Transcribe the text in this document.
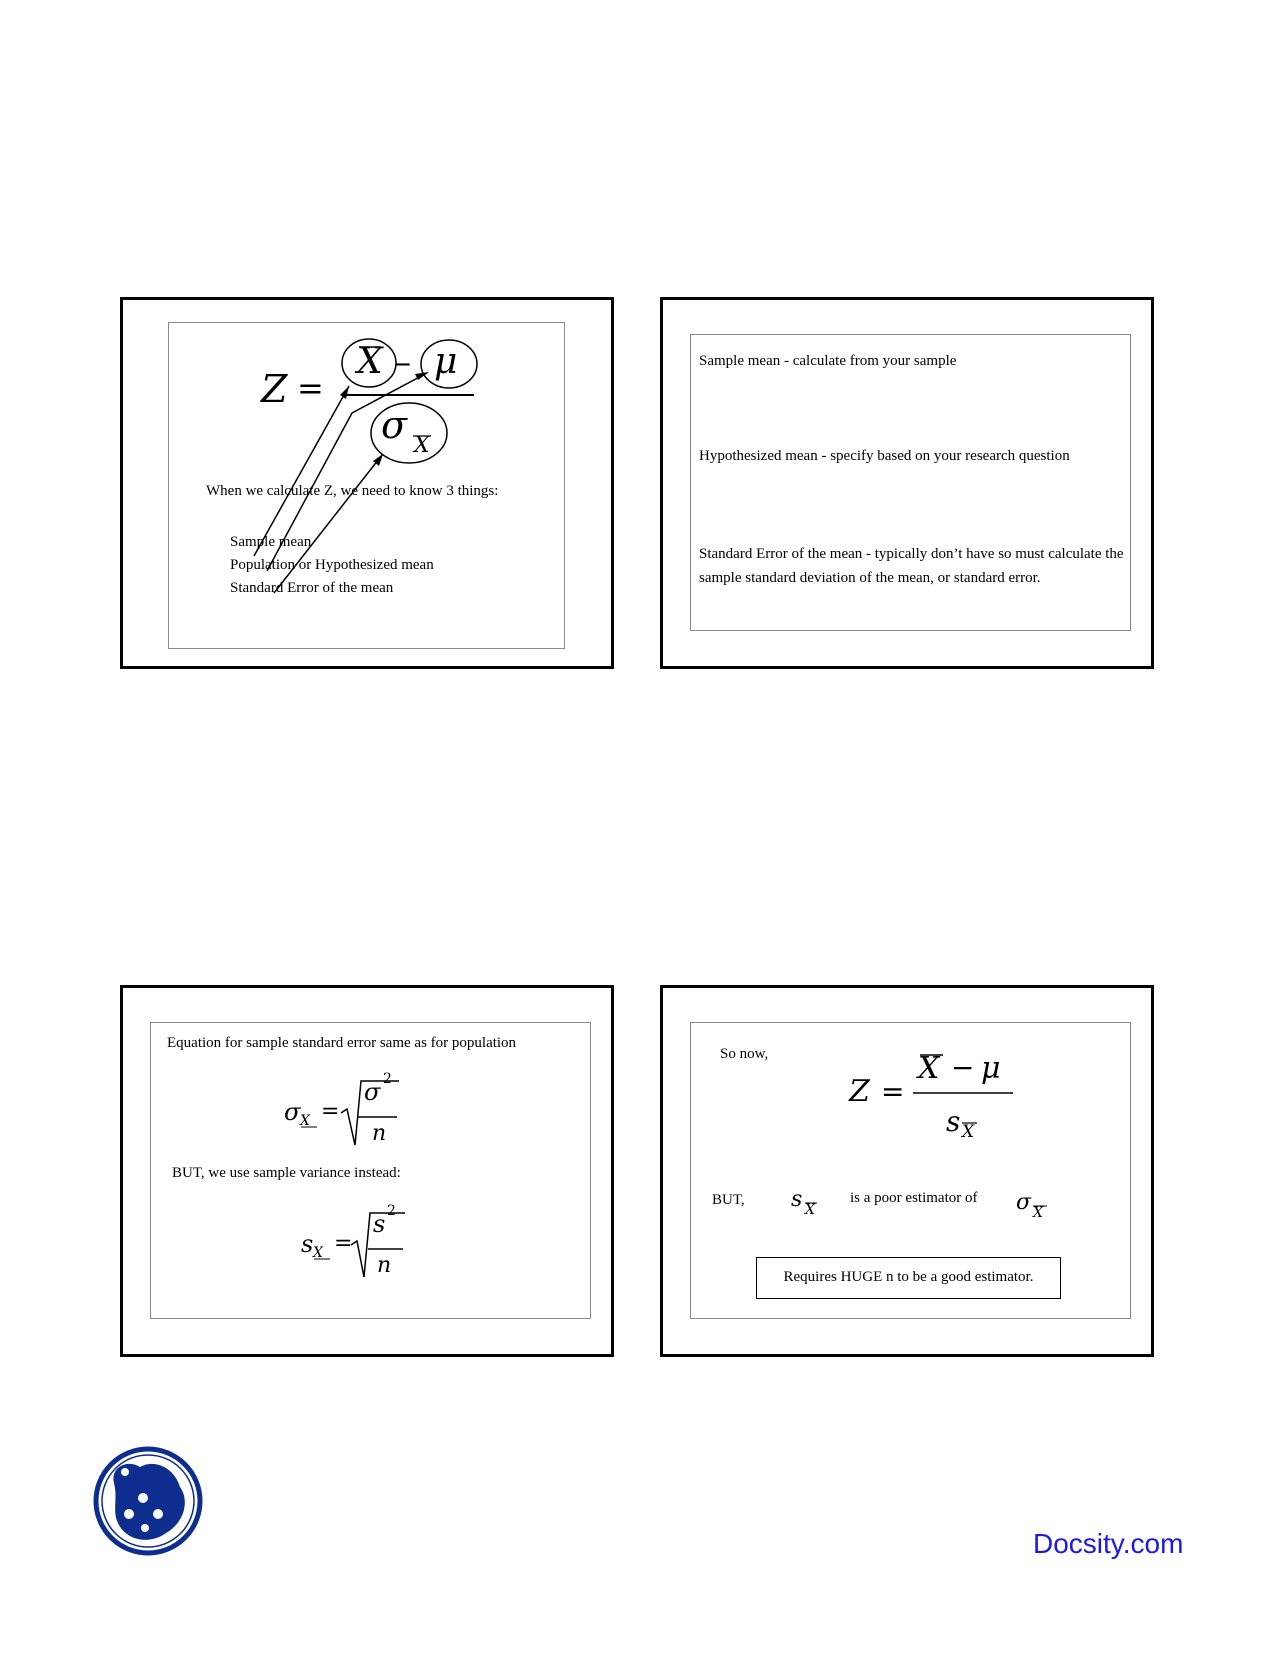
Z =
X – μ
σ X
When we calculate Z, we need to know 3 things:
Sample mean
Population or Hypothesized mean
Standard Error of the mean
Sample mean - calculate from your sample
Hypothesized mean - specify based on your research question
Standard Error of the mean - typically don’t have so must calculate the sample standard deviation of the mean, or standard error.
Equation for sample standard error same as for population
σ X =
σ 2
n
BUT, we use sample variance instead:
s X =
s 2
n
So now,
Z =
X − μ
s X
BUT, s X
is a poor estimator of σ X
Requires HUGE n to be a good estimator.
Docsity.com
